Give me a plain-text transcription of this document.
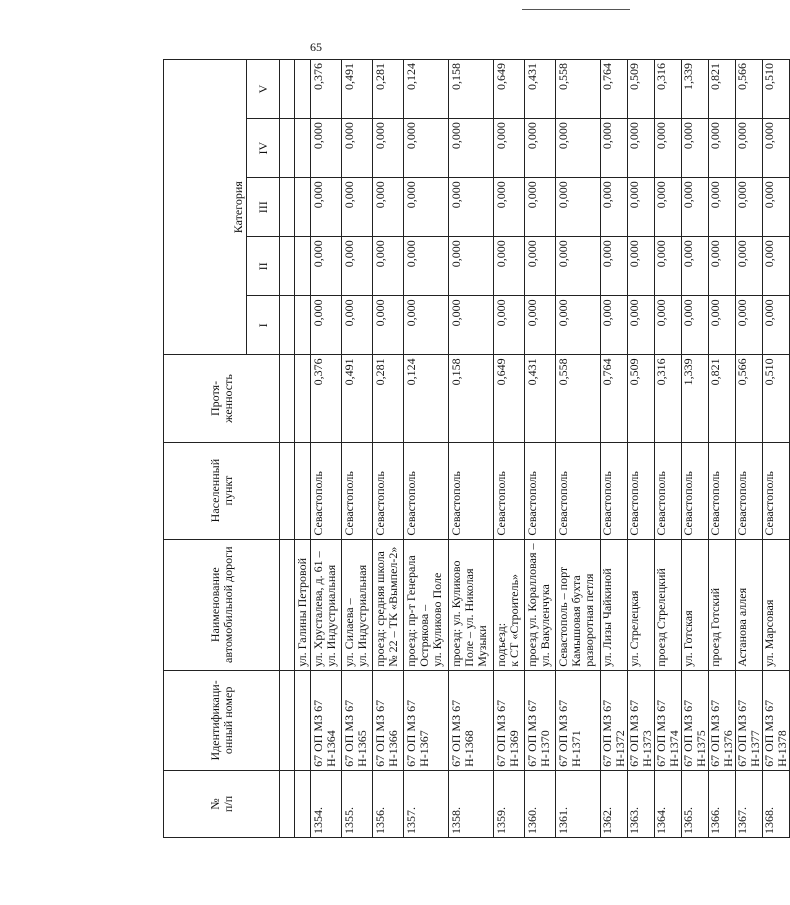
65
№
п/п	Идентификаци-
онный номер	Наименование
автомобильной дороги	Населенный
пункт	Протя-
женность	Категория				
					I	II	III	IV	V

		ул. Галины Петровой							
1354.	67 ОП МЗ 67 Н-1364	ул. Хрусталева, д. 61 –
ул. Индустриальная	Севастополь	0,376	0,000	0,000	0,000	0,000	0,376
1355.	67 ОП МЗ 67 Н-1365	ул. Силаева –
ул. Индустриальная	Севастополь	0,491	0,000	0,000	0,000	0,000	0,491
1356.	67 ОП МЗ 67 Н-1366	проезд: средняя школа
№ 22 – ТК «Вымпел-2»	Севастополь	0,281	0,000	0,000	0,000	0,000	0,281
1357.	67 ОП МЗ 67 Н-1367	проезд: пр-т Генерала
Острякова –
ул. Куликово Поле	Севастополь	0,124	0,000	0,000	0,000	0,000	0,124
1358.	67 ОП МЗ 67 Н-1368	проезд: ул. Куликово
Поле – ул. Николая
Музыки	Севастополь	0,158	0,000	0,000	0,000	0,000	0,158
1359.	67 ОП МЗ 67 Н-1369	подъезд:
к СТ «Строитель»	Севастополь	0,649	0,000	0,000	0,000	0,000	0,649
1360.	67 ОП МЗ 67 Н-1370	проезд ул. Коралловая –
ул. Вакуленчука	Севастополь	0,431	0,000	0,000	0,000	0,000	0,431
1361.	67 ОП МЗ 67 Н-1371	Севастополь – порт
Камышовая бухта
разворотная петля	Севастополь	0,558	0,000	0,000	0,000	0,000	0,558
1362.	67 ОП МЗ 67 Н-1372	ул. Лизы Чайкиной	Севастополь	0,764	0,000	0,000	0,000	0,000	0,764
1363.	67 ОП МЗ 67 Н-1373	ул. Стрелецкая	Севастополь	0,509	0,000	0,000	0,000	0,000	0,509
1364.	67 ОП МЗ 67 Н-1374	проезд Стрелецкий	Севастополь	0,316	0,000	0,000	0,000	0,000	0,316
1365.	67 ОП МЗ 67 Н-1375	ул. Готская	Севастополь	1,339	0,000	0,000	0,000	0,000	1,339
1366.	67 ОП МЗ 67 Н-1376	проезд Готский	Севастополь	0,821	0,000	0,000	0,000	0,000	0,821
1367.	67 ОП МЗ 67 Н-1377	Астанова аллея	Севастополь	0,566	0,000	0,000	0,000	0,000	0,566
1368.	67 ОП МЗ 67 Н-1378	ул. Марсовая	Севастополь	0,510	0,000	0,000	0,000	0,000	0,510
